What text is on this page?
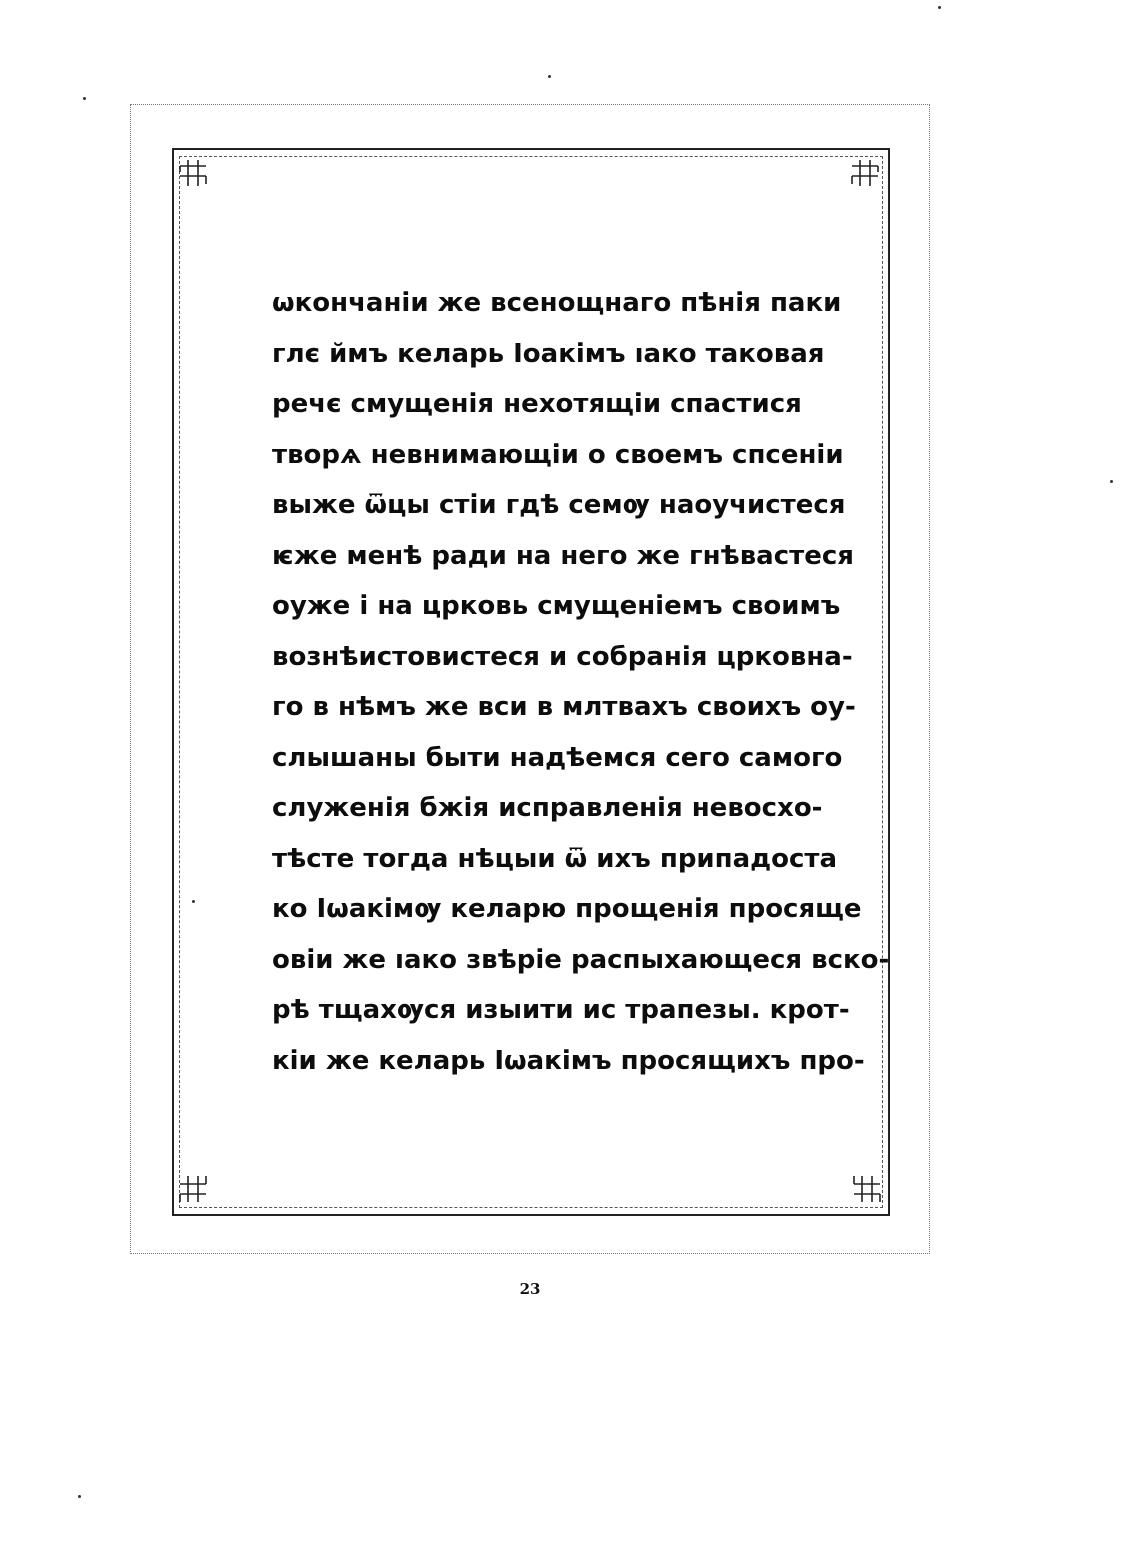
ѡкончаніи же всенощнаго пѣнія паки
глє ймъ келарь Іоакімъ ıако таковая
речє смущенія нехотящіи спастися
творѧ невнимающіи о своемъ спсеніи
выже ѿцы стіи гдѣ семѹ наоучистеся
ѥже менѣ ради на него же гнѣвастеся
оуже і на црковь смущеніемъ своимъ
вознѣистовистеся и собранія црковна-
го в нѣмъ же вси в млтвахъ своихъ оу-
слышаны быти надѣемся сего самого
служенія бжія исправленія невосхо-
тѣсте тогда нѣцыи ѿ ихъ припадоста
ко Іωакімѹ келарю прощенія просяще
овіи же ıако звѣріе распыхающеся вско-
рѣ тщахѹся изыити ис трапезы. крот-
кіи же келарь Іωакімъ просящихъ про-
23
